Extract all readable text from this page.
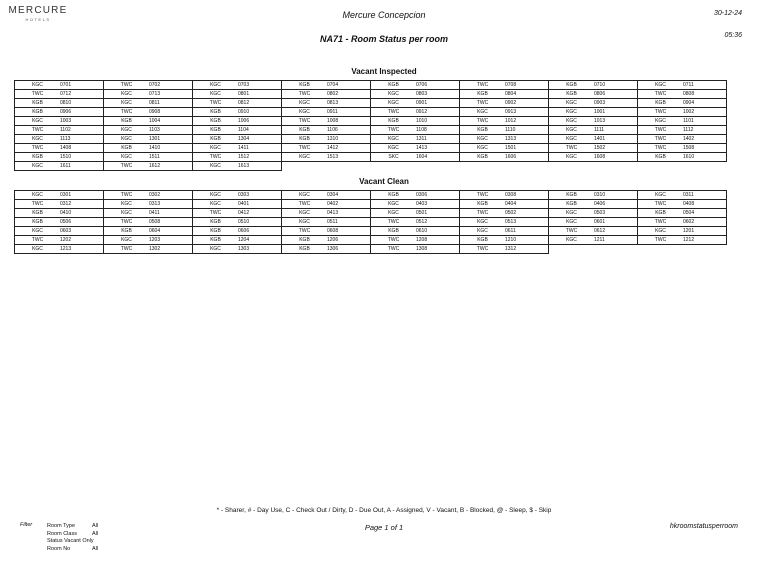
MERCURE
HOTELS	Mercure Concepcion	30-12-24
05:36
NA71 - Room Status per room
Vacant Inspected
KGC 0701	TWC 0702	KGC 0703	KGB 0704	KGB 0706	TWC 0708	KGB 0710	KGC 0711

TWC 0712	KGC 0713	KGC 0801	TWC 0802	KGC 0803	KGB 0804	KGB 0806	TWC 0808

KGB 0810	KGC 0811	TWC 0812	KGC 0813	KGC 0901	TWC 0902	KGC 0903	KGB 0904

KGB 0906	TWC 0908	KGB 0910	KGC 0911	TWC 0912	KGC 0913	KGC 1001	TWC 1002

KGC 1003	KGB 1004	KGB 1006	TWC 1008	KGB 1010	TWC 1012	KGC 1013	KGC 1101

TWC 1102	KGC 1103	KGB 1104	KGB 1106	TWC 1108	KGB 1110	KGC 1111	TWC 1112

KGC 1113	KGC 1301	KGB 1304	KGB 1310	KGC 1311	KGC 1313	KGC 1401	TWC 1402

TWC 1408	KGB 1410	KGC 1411	TWC 1412	KGC 1413	KGC 1501	TWC 1502	TWC 1508

KGB 1510	KGC 1511	TWC 1512	KGC 1513	SKC 1604	KGB 1606	KGC 1608	KGB 1610

KGC 1611	TWC 1612	KGC 1613					
Vacant Clean
KGC 0301	TWC 0302	KGC 0303	KGC 0304	KGB 0306	TWC 0308	KGB 0310	KGC 0311

TWC 0312	KGC 0313	KGC 0401	TWC 0402	KGC 0403	KGB 0404	KGB 0406	TWC 0408

KGB 0410	KGC 0411	TWC 0412	KGC 0413	KGC 0501	TWC 0502	KGC 0503	KGB 0504

KGB 0506	TWC 0508	KGB 0510	KGC 0511	TWC 0512	KGC 0513	KGC 0601	TWC 0602

KGC 0603	KGB 0604	KGB 0606	TWC 0608	KGB 0610	KGC 0611	TWC 0612	KGC 1201

TWC 1202	KGC 1203	KGB 1204	KGB 1206	TWC 1208	KGB 1210	KGC 1211	TWC 1212

KGC 1213	TWC 1302	KGC 1303	KGB 1306	TWC 1308	TWC 1312		
* - Sharer, # - Day Use, C - Check Out / Dirty, D - Due Out, A - Assigned, V - Vacant, B - Blocked, @ - Sleep, $ - Skip
Filter	Room Type	All
Room Class	All
Status Vacant Only
Room No	All
Page 1 of 1	hkroomstatusperroom
